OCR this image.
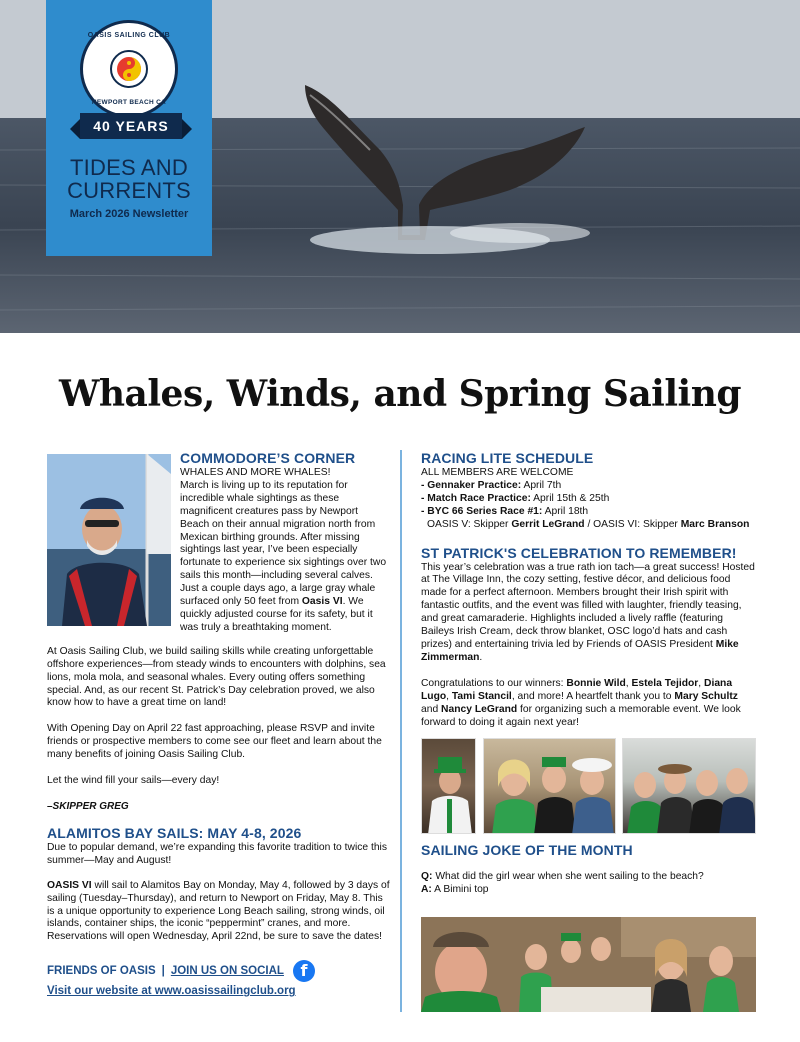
OASIS SAILING CLUB
NEWPORT BEACH CA
40 YEARS
TIDES AND
CURRENTS
March 2026 Newsletter
Whales, Winds, and Spring Sailing
COMMODORE’S CORNER
WHALES AND MORE WHALES!
March is living up to its reputation for incredible whale sightings as these magnificent creatures pass by Newport Beach on their annual migration north from Mexican birthing grounds. After missing sightings last year, I’ve been especially fortunate to experience six sightings over two sails this month—including several calves. Just a couple days ago, a large gray whale surfaced only 50 feet from Oasis VI. We quickly adjusted course for its safety, but it was truly a breathtaking moment.
At Oasis Sailing Club, we build sailing skills while creating unforgettable offshore experiences—from steady winds to encounters with dolphins, sea lions, mola mola, and seasonal whales. Every outing offers something special. And, as our recent St. Patrick’s Day celebration proved, we also know how to have a great time on land!
With Opening Day on April 22 fast approaching, please RSVP and invite friends or prospective members to come see our fleet and learn about the many benefits of joining Oasis Sailing Club.
Let the wind fill your sails—every day!
–SKIPPER GREG
ALAMITOS BAY SAILS: MAY 4-8, 2026
Due to popular demand, we’re expanding this favorite tradition to twice this summer—May and August!
OASIS VI will sail to Alamitos Bay on Monday, May 4, followed by 3 days of sailing (Tuesday–Thursday), and return to Newport on Friday, May 8. This is a unique opportunity to experience Long Beach sailing, strong winds, oil islands, container ships, the iconic “peppermint” cranes, and more. Reservations will open Wednesday, April 22nd, be sure to save the dates!
FRIENDS OF OASIS | JOIN US ON SOCIAL	f
Visit our website at www.oasissailingclub.org
RACING LITE SCHEDULE
ALL MEMBERS ARE WELCOME
- Gennaker Practice: April 7th
- Match Race Practice: April 15th & 25th
- BYC 66 Series Race #1: April 18th
OASIS V: Skipper Gerrit LeGrand / OASIS VI: Skipper Marc Branson
ST PATRICK'S CELEBRATION TO REMEMBER!
This year’s celebration was a true rath ion tach—a great success! Hosted at The Village Inn, the cozy setting, festive décor, and delicious food made for a perfect afternoon. Members brought their Irish spirit with fantastic outfits, and the event was filled with laughter, friendly teasing, and great camaraderie. Highlights included a lively raffle (featuring Baileys Irish Cream, deck throw blanket, OSC logo’d hats and cash prizes) and entertaining trivia led by Friends of OASIS President Mike Zimmerman.
Congratulations to our winners: Bonnie Wild, Estela Tejidor, Diana Lugo, Tami Stancil, and more! A heartfelt thank you to Mary Schultz and Nancy LeGrand for organizing such a memorable event. We look forward to doing it again next year!
SAILING JOKE OF THE MONTH
Q: What did the girl wear when she went sailing to the beach?
A: A Bimini top
